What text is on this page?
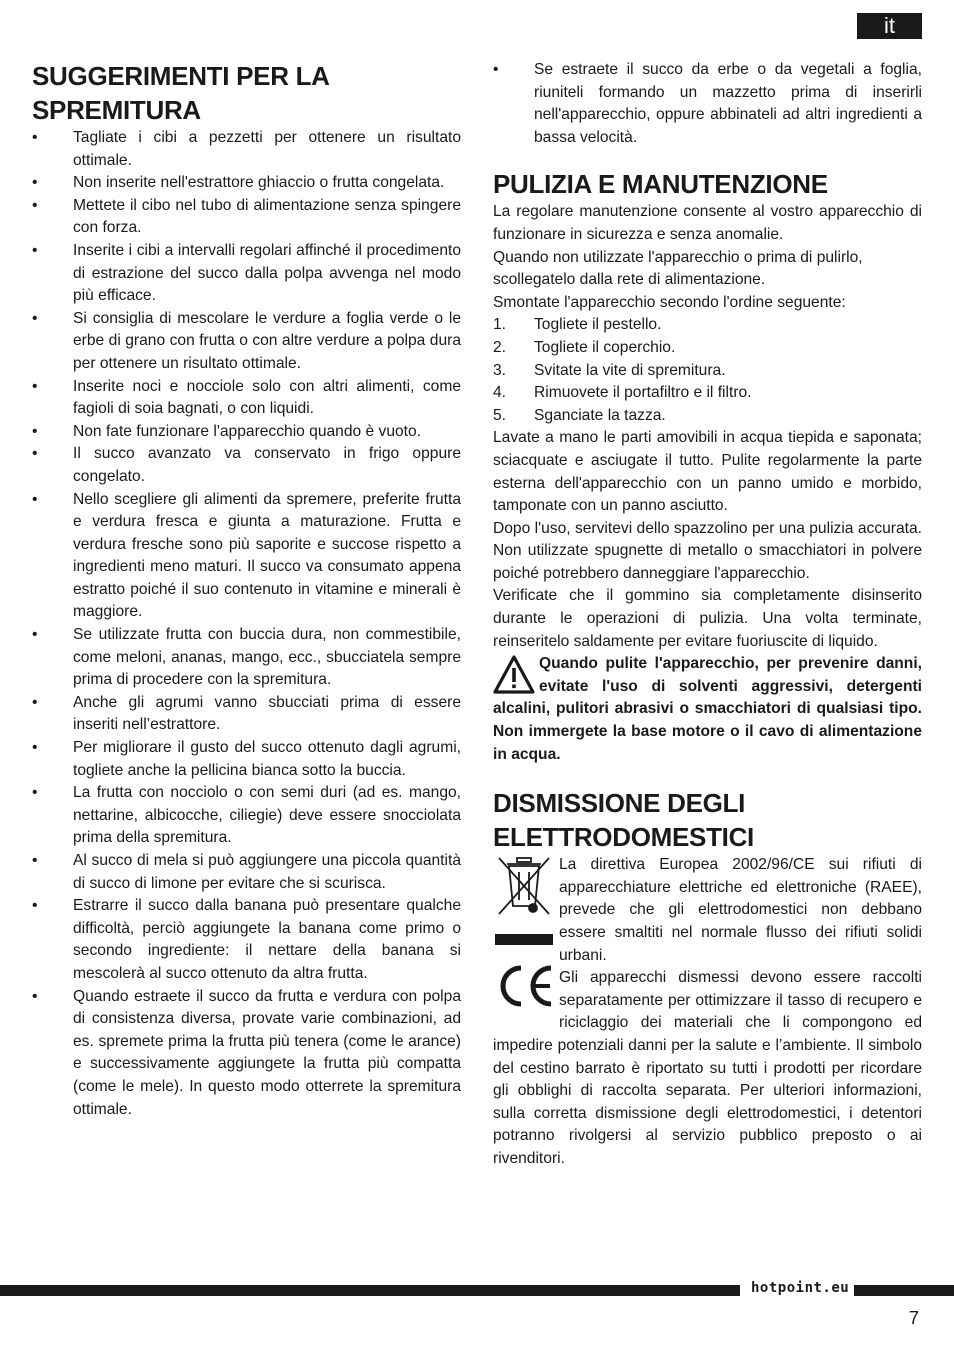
it
SUGGERIMENTI PER LA SPREMITURA
• Tagliate i cibi a pezzetti per ottenere un risultato ottimale.
• Non inserite nell'estrattore ghiaccio o frutta congelata.
• Mettete il cibo nel tubo di alimentazione senza spingere con forza.
• Inserite i cibi a intervalli regolari affinché il procedimento di estrazione del succo dalla polpa avvenga nel modo più efficace.
• Si consiglia di mescolare le verdure a foglia verde o le erbe di grano con frutta o con altre verdure a polpa dura per ottenere un risultato ottimale.
• Inserite noci e nocciole solo con altri alimenti, come fagioli di soia bagnati, o con liquidi.
• Non fate funzionare l'apparecchio quando è vuoto.
• Il succo avanzato va conservato in frigo oppure congelato.
• Nello scegliere gli alimenti da spremere, preferite frutta e verdura fresca e giunta a maturazione. Frutta e verdura fresche sono più saporite e succose rispetto a ingredienti meno maturi. Il succo va consumato appena estratto poiché il suo contenuto in vitamine e minerali è maggiore.
• Se utilizzate frutta con buccia dura, non commestibile, come meloni, ananas, mango, ecc., sbucciatela sempre prima di procedere con la spremitura.
• Anche gli agrumi vanno sbucciati prima di essere inseriti nell’estrattore.
• Per migliorare il gusto del succo ottenuto dagli agrumi, togliete anche la pellicina bianca sotto la buccia.
• La frutta con nocciolo o con semi duri (ad es. mango, nettarine, albicocche, ciliegie) deve essere snocciolata prima della spremitura.
• Al succo di mela si può aggiungere una piccola quantità di succo di limone per evitare che si scurisca.
• Estrarre il succo dalla banana può presentare qualche difficoltà, perciò aggiungete la banana come primo o secondo ingrediente: il nettare della banana si mescolerà al succo ottenuto da altra frutta.
• Quando estraete il succo da frutta e verdura con polpa di consistenza diversa, provate varie combinazioni, ad es. spremete prima la frutta più tenera (come le arance) e successivamente aggiungete la frutta più compatta (come le mele). In questo modo otterrete la spremitura ottimale.
• Se estraete il succo da erbe o da vegetali a foglia, riuniteli formando un mazzetto prima di inserirli nell'apparecchio, oppure abbinateli ad altri ingredienti a bassa velocità.
PULIZIA E MANUTENZIONE

La regolare manutenzione consente al vostro apparecchio di funzionare in sicurezza e senza anomalie.

Quando non utilizzate l'apparecchio o prima di pulirlo, scollegatelo dalla rete di alimentazione.

Smontate l'apparecchio secondo l'ordine seguente:

1. Togliete il pestello.
2. Togliete il coperchio.
3. Svitate la vite di spremitura.
4. Rimuovete il portafiltro e il filtro.
5. Sganciate la tazza.

Lavate a mano le parti amovibili in acqua tiepida e saponata; sciacquate e asciugate il tutto. Pulite regolarmente la parte esterna dell'apparecchio con un panno umido e morbido, tamponate con un panno asciutto.

Dopo l'uso, servitevi dello spazzolino per una pulizia accurata. Non utilizzate spugnette di metallo o smacchiatori in polvere poiché potrebbero danneggiare l'apparecchio.

Verificate che il gommino sia completamente disinserito durante le operazioni di pulizia. Una volta terminate, reinseritelo saldamente per evitare fuoriuscite di liquido.

Quando pulite l'apparecchio, per prevenire danni, evitate l'uso di solventi aggressivi, detergenti alcalini, pulitori abrasivi o smacchiatori di qualsiasi tipo. Non immergete la base motore o il cavo di alimentazione in acqua.
DISMISSIONE DEGLI ELETTRODOMESTICI

La direttiva Europea 2002/96/CE sui rifiuti di apparecchiature elettriche ed elettroniche (RAEE), prevede che gli elettrodomestici non debbano essere smaltiti nel normale flusso dei rifiuti solidi urbani.

Gli apparecchi dismessi devono essere raccolti separatamente per ottimizzare il tasso di recupero e riciclaggio dei materiali che li compongono ed impedire potenziali danni per la salute e l’ambiente. Il simbolo del cestino barrato è riportato su tutti i prodotti per ricordare gli obblighi di raccolta separata. Per ulteriori informazioni, sulla corretta dismissione degli elettrodomestici, i detentori potranno rivolgersi al servizio pubblico preposto o ai rivenditori.

hotpoint.eu
7
